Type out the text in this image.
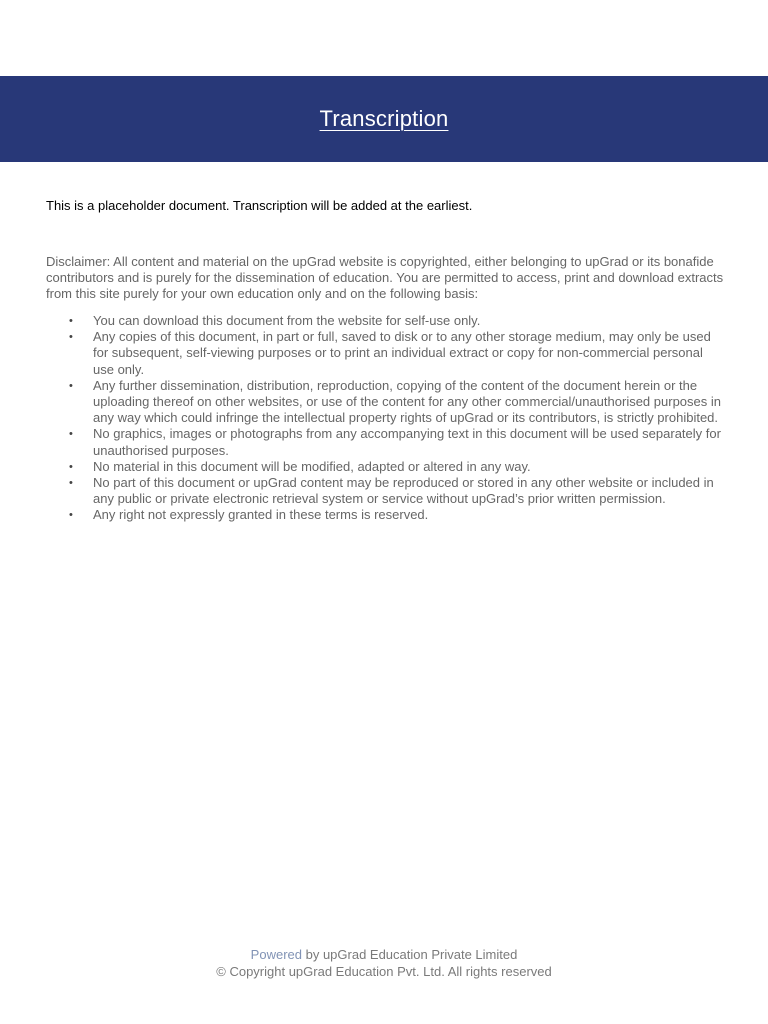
Transcription
This is a placeholder document. Transcription will be added at the earliest.
Disclaimer: All content and material on the upGrad website is copyrighted, either belonging to upGrad or its bonafide contributors and is purely for the dissemination of education. You are permitted to access, print and download extracts from this site purely for your own education only and on the following basis:
• You can download this document from the website for self-use only.
• Any copies of this document, in part or full, saved to disk or to any other storage medium, may only be used for subsequent, self-viewing purposes or to print an individual extract or copy for non-commercial personal use only.
• Any further dissemination, distribution, reproduction, copying of the content of the document herein or the uploading thereof on other websites, or use of the content for any other commercial/unauthorised purposes in any way which could infringe the intellectual property rights of upGrad or its contributors, is strictly prohibited.
• No graphics, images or photographs from any accompanying text in this document will be used separately for unauthorised purposes.
• No material in this document will be modified, adapted or altered in any way.
• No part of this document or upGrad content may be reproduced or stored in any other website or included in any public or private electronic retrieval system or service without upGrad’s prior written permission.
• Any right not expressly granted in these terms is reserved.
Powered by upGrad Education Private Limited
© Copyright upGrad Education Pvt. Ltd. All rights reserved
